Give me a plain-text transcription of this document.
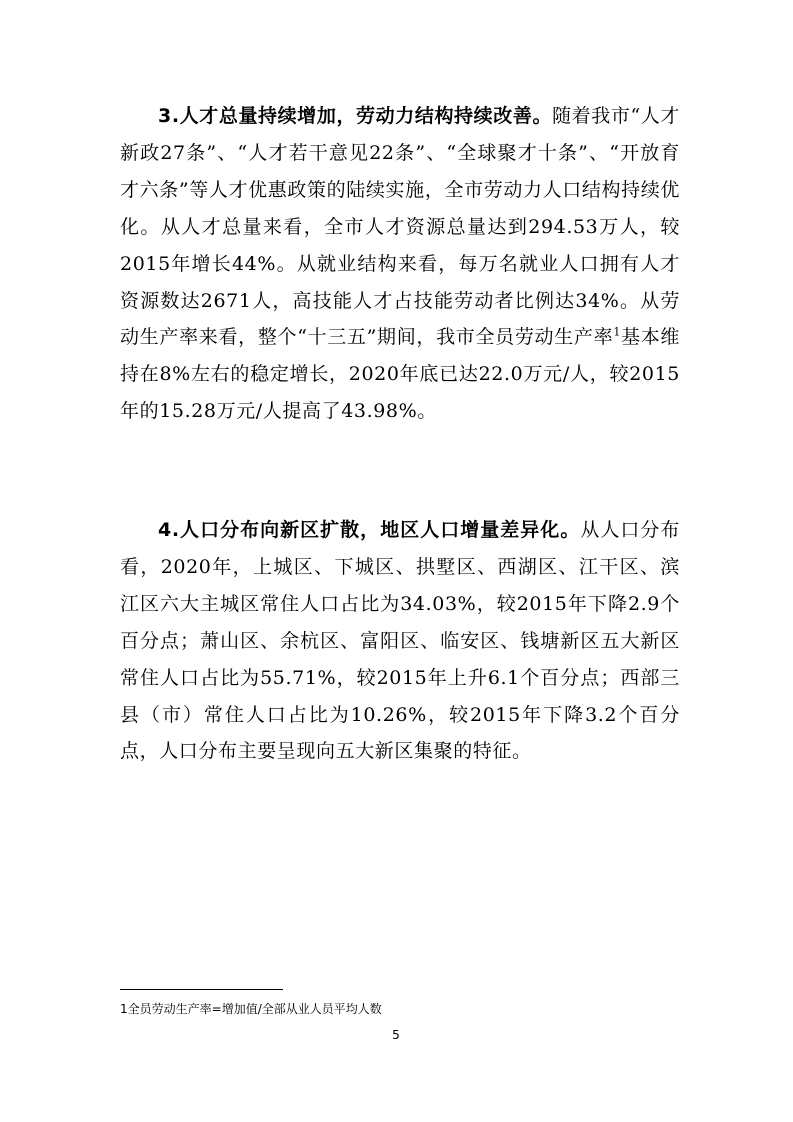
3.人才总量持续增加，劳动力结构持续改善。随着我市“人才新政27条”、“人才若干意见22条”、“全球聚才十条”、“开放育才六条”等人才优惠政策的陆续实施，全市劳动力人口结构持续优化。从人才总量来看，全市人才资源总量达到294.53万人，较2015年增长44%。从就业结构来看，每万名就业人口拥有人才资源数达2671人，高技能人才占技能劳动者比例达34%。从劳动生产率来看，整个“十三五”期间，我市全员劳动生产率$^1$基本维持在8%左右的稳定增长，2020年底已达22.0万元/人，较2015年的15.28万元/人提高了43.98%。

4.人口分布向新区扩散，地区人口增量差异化。从人口分布看，2020年，上城区、下城区、拱墅区、西湖区、江干区、滨江区六大主城区常住人口占比为34.03%，较2015年下降2.9个百分点；萧山区、余杭区、富阳区、临安区、钱塘新区五大新区常住人口占比为55.71%，较2015年上升6.1个百分点；西部三县（市）常住人口占比为10.26%，较2015年下降3.2个百分点，人口分布主要呈现向五大新区集聚的特征。

1全员劳动生产率=增加值/全部从业人员平均人数
5
